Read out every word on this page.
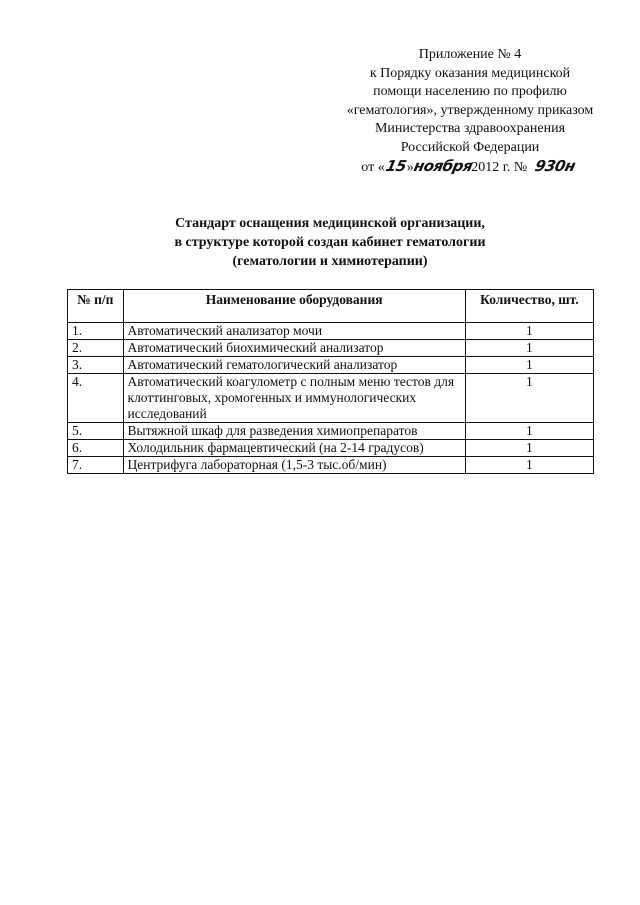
Приложение № 4
к Порядку оказания медицинской
помощи населению по профилю
«гематология», утвержденному приказом
Министерства здравоохранения
Российской Федерации
от «15»ноября 2012 г. № 930н
Стандарт оснащения медицинской организации,
в структуре которой создан кабинет гематологии
(гематологии и химиотерапии)
№ п/п	Наименование оборудования	Количество, шт.
1.	Автоматический анализатор мочи	1
2.	Автоматический биохимический анализатор	1
3.	Автоматический гематологический анализатор	1
4.	Автоматический коагулометр с полным меню тестов для клоттинговых, хромогенных и иммунологических исследований	1
5.	Вытяжной шкаф для разведения химиопрепаратов	1
6.	Холодильник фармацевтический (на 2-14 градусов)	1
7.	Центрифуга лабораторная (1,5-3 тыс.об/мин)	1
